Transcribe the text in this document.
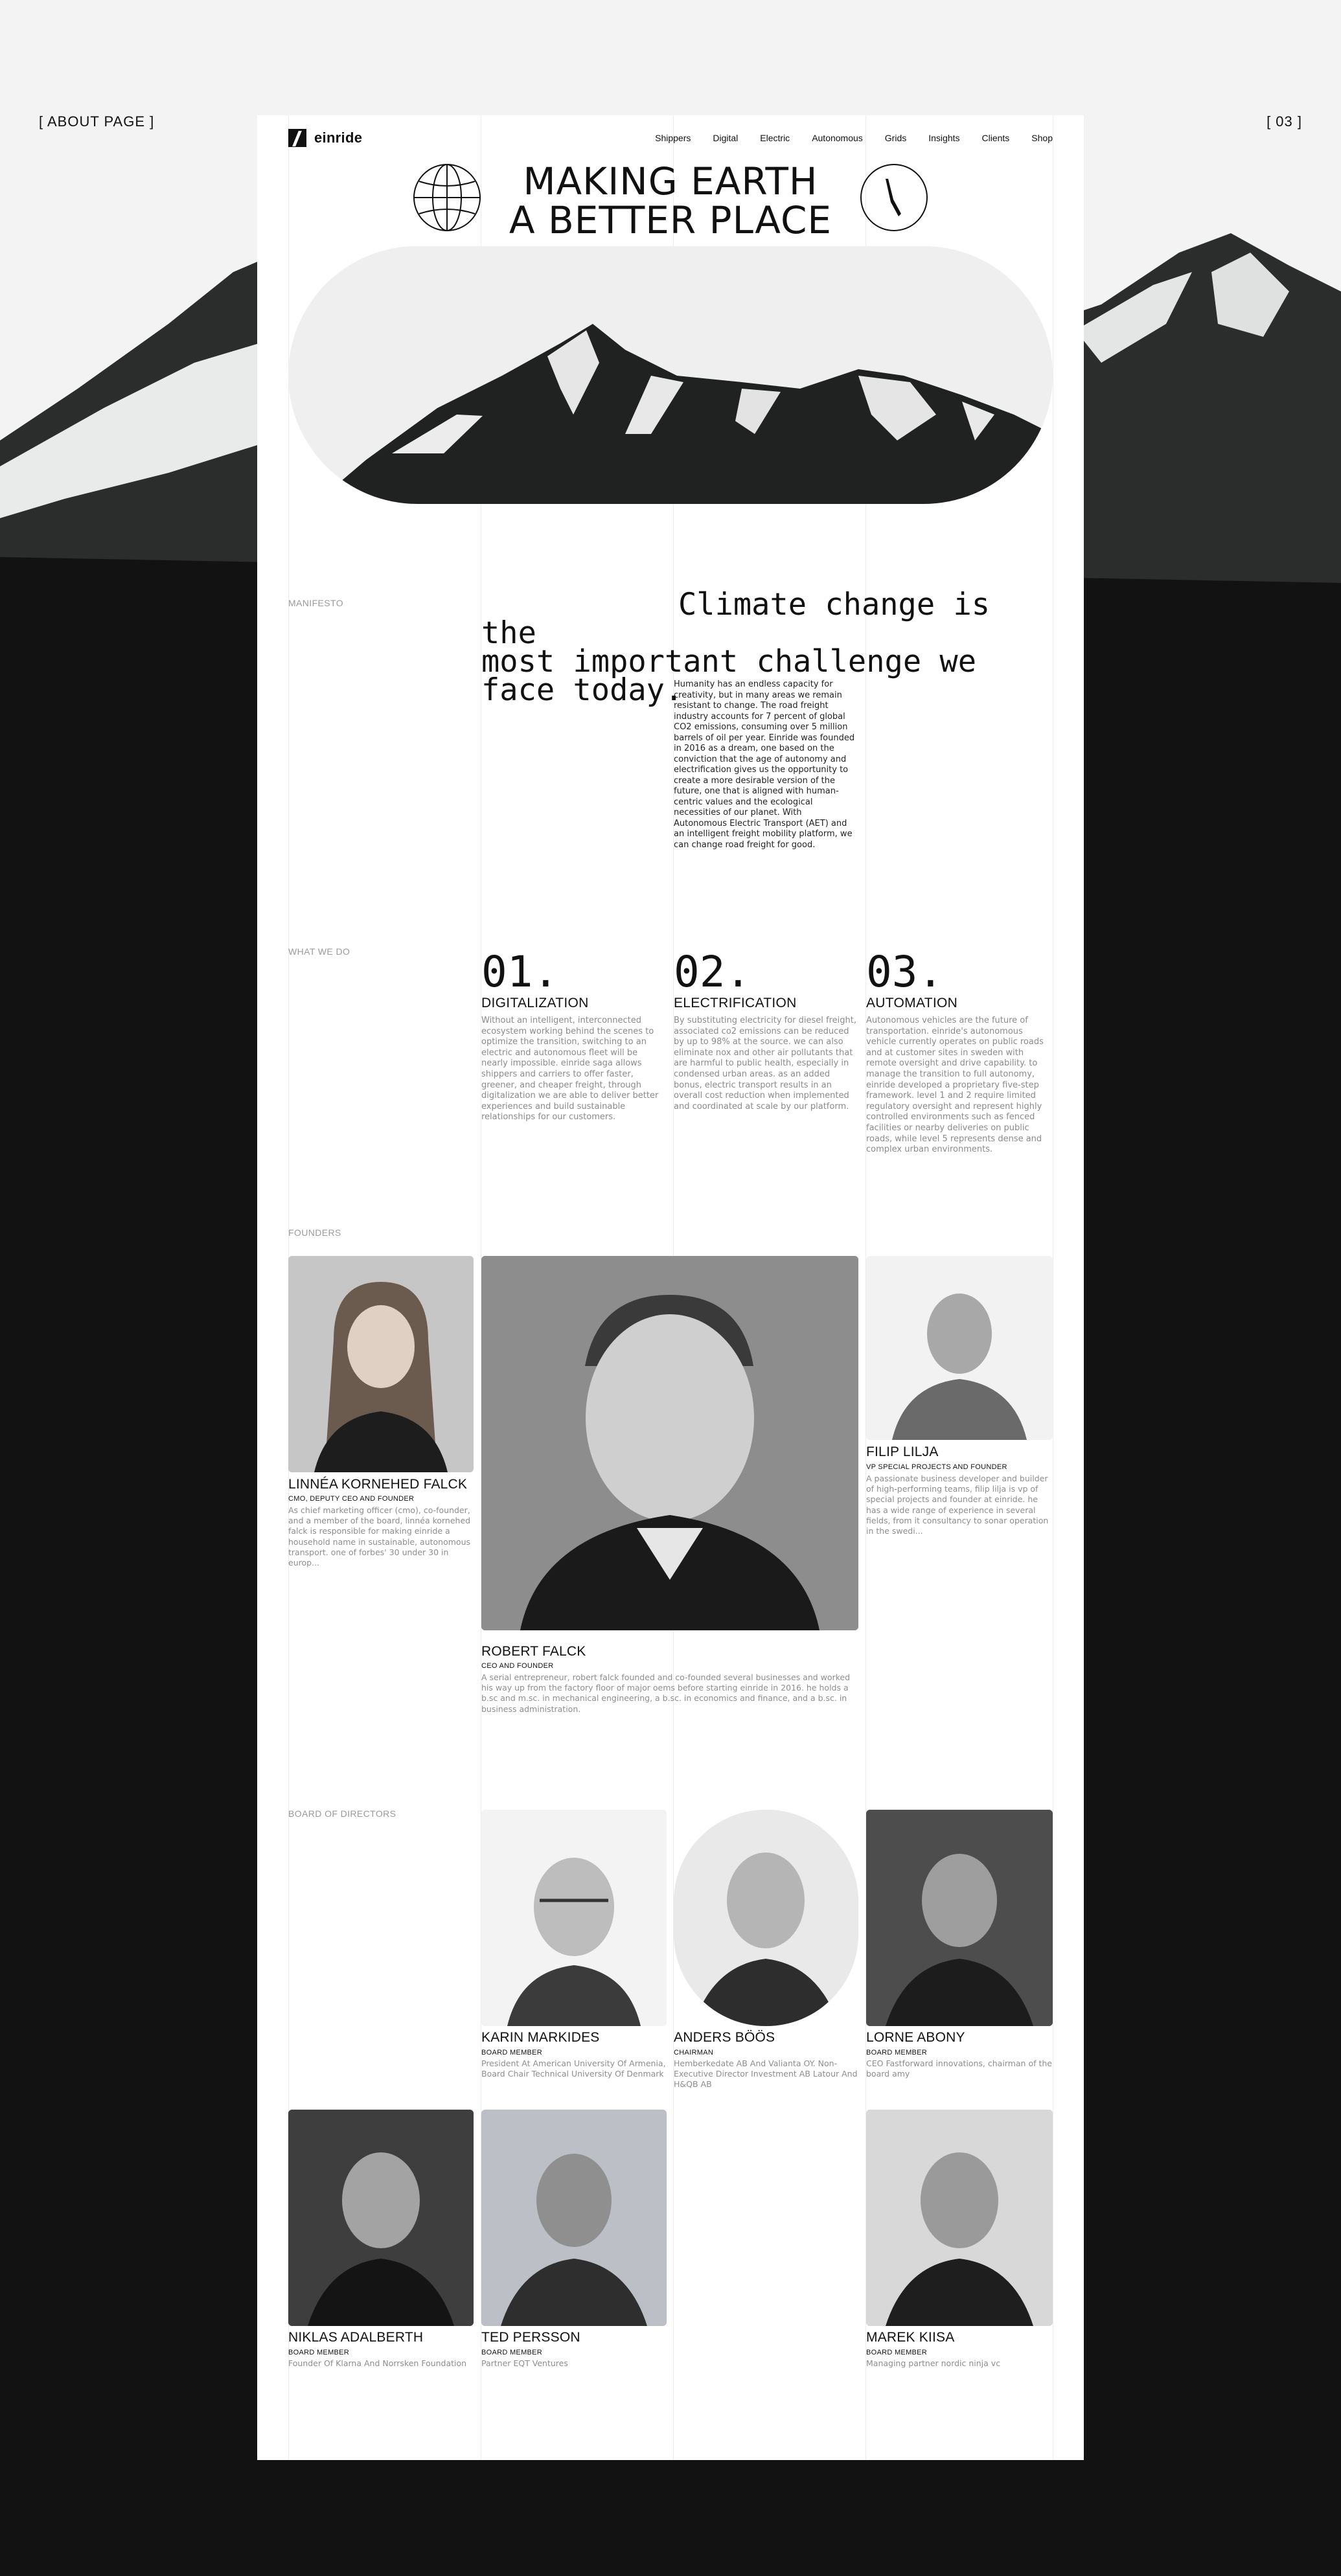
[ ABOUT PAGE ]	[ 03 ]
einride	Shippers Digital Electric Autonomous Grids Insights Clients Shop
MAKING EARTH
A BETTER PLACE
MANIFESTO	Climate change is the
most important challenge we
face today.
Humanity has an endless capacity for creativity, but in many areas we remain resistant to change. The road freight industry accounts for 7 percent of global CO2 emissions, consuming over 5 million barrels of oil per year. Einride was founded in 2016 as a dream, one based on the conviction that the age of autonomy and electrification gives us the opportunity to create a more desirable version of the future, one that is aligned with human-centric values and the ecological necessities of our planet. With Autonomous Electric Transport (AET) and an intelligent freight mobility platform, we can change road freight for good.
WHAT WE DO	01.
DIGITALIZATION
Without an intelligent, interconnected ecosystem working behind the scenes to optimize the transition, switching to an electric and autonomous fleet will be nearly impossible. einride saga allows shippers and carriers to offer faster, greener, and cheaper freight, through digitalization we are able to deliver better experiences and build sustainable relationships for our customers.
02.
ELECTRIFICATION
By substituting electricity for diesel freight, associated co2 emissions can be reduced by up to 98% at the source. we can also eliminate nox and other air pollutants that are harmful to public health, especially in condensed urban areas. as an added bonus, electric transport results in an overall cost reduction when implemented and coordinated at scale by our platform.
03.
AUTOMATION
Autonomous vehicles are the future of transportation. einride's autonomous vehicle currently operates on public roads and at customer sites in sweden with remote oversight and drive capability. to manage the transition to full autonomy, einride developed a proprietary five-step framework. level 1 and 2 require limited regulatory oversight and represent highly controlled environments such as fenced facilities or nearby deliveries on public roads, while level 5 represents dense and complex urban environments.
FOUNDERS
LINNÉA KORNEHED FALCK
CMO, DEPUTY CEO AND FOUNDER
As chief marketing officer (cmo), co-founder, and a member of the board, linnéa kornehed falck is responsible for making einride a household name in sustainable, autonomous transport. one of forbes' 30 under 30 in europ...
ROBERT FALCK
CEO AND FOUNDER
A serial entrepreneur, robert falck founded and co-founded several businesses and worked his way up from the factory floor of major oems before starting einride in 2016. he holds a b.sc and m.sc. in mechanical engineering, a b.sc. in economics and finance, and a b.sc. in business administration.
FILIP LILJA
VP SPECIAL PROJECTS AND FOUNDER
A passionate business developer and builder of high-performing teams, filip lilja is vp of special projects and founder at einride. he has a wide range of experience in several fields, from it consultancy to sonar operation in the swedi...
BOARD OF DIRECTORS
KARIN MARKIDES
BOARD MEMBER
President At American University Of Armenia, Board Chair Technical University Of Denmark
ANDERS BÖÖS
CHAIRMAN
Hemberkedate AB And Valianta OY. Non-Executive Director Investment AB Latour And H&QB AB
LORNE ABONY
BOARD MEMBER
CEO Fastforward innovations, chairman of the board amy
NIKLAS ADALBERTH
BOARD MEMBER
Founder Of Klarna And Norrsken Foundation
TED PERSSON
BOARD MEMBER
Partner EQT Ventures
MAREK KIISA
BOARD MEMBER
Managing partner nordic ninja vc
